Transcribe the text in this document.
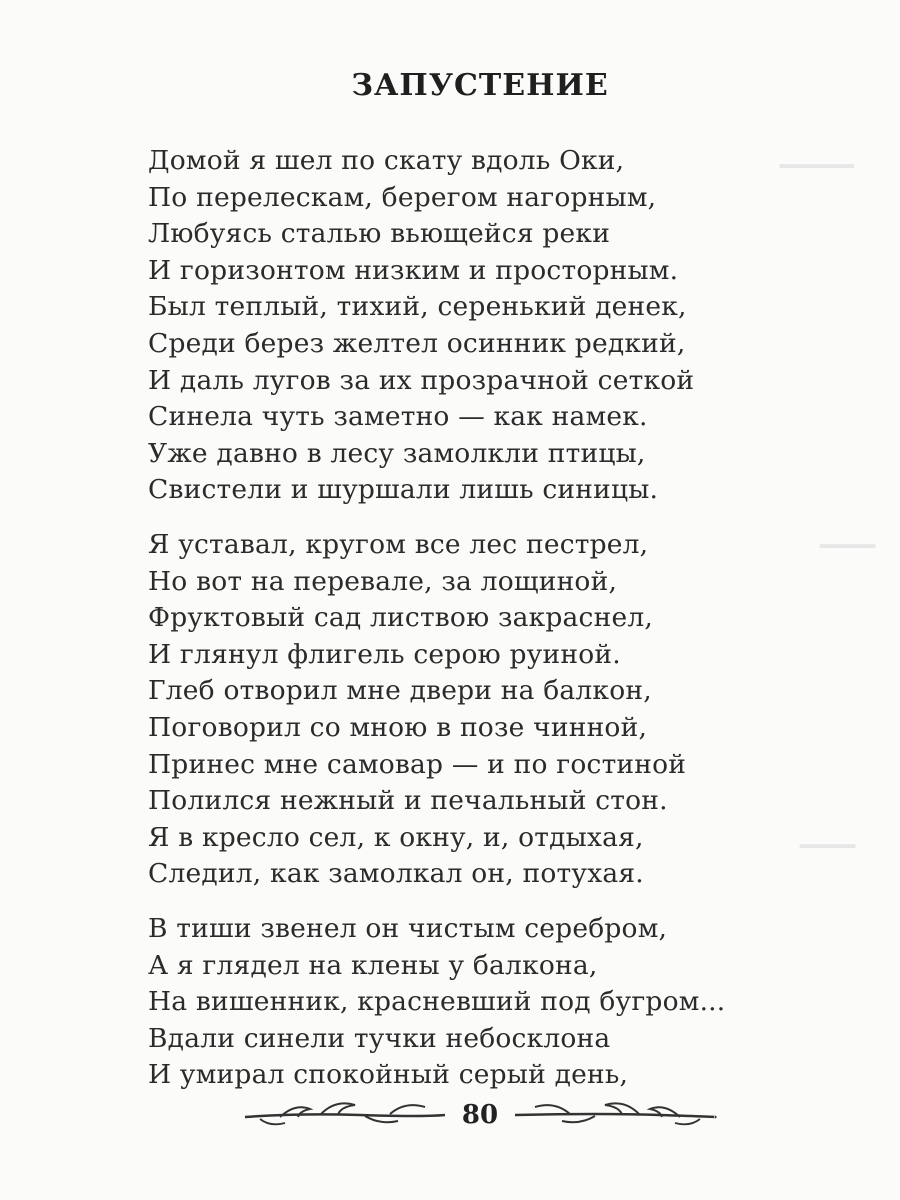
▁▁▁▁
▁▁▁
▁▁▁
ЗАПУСТЕНИЕ
Домой я шел по скату вдоль Оки,
По перелескам, берегом нагорным,
Любуясь сталью вьющейся реки
И горизонтом низким и просторным.
Был теплый, тихий, серенький денек,
Среди берез желтел осинник редкий,
И даль лугов за их прозрачной сеткой
Синела чуть заметно — как намек.
Уже давно в лесу замолкли птицы,
Свистели и шуршали лишь синицы.
Я уставал, кругом все лес пестрел,
Но вот на перевале, за лощиной,
Фруктовый сад листвою закраснел,
И глянул флигель серою руиной.
Глеб отворил мне двери на балкон,
Поговорил со мною в позе чинной,
Принес мне самовар — и по гостиной
Полился нежный и печальный стон.
Я в кресло сел, к окну, и, отдыхая,
Следил, как замолкал он, потухая.
В тиши звенел он чистым серебром,
А я глядел на клены у балкона,
На вишенник, красневший под бугром...
Вдали синели тучки небосклона
И умирал спокойный серый день,
80
